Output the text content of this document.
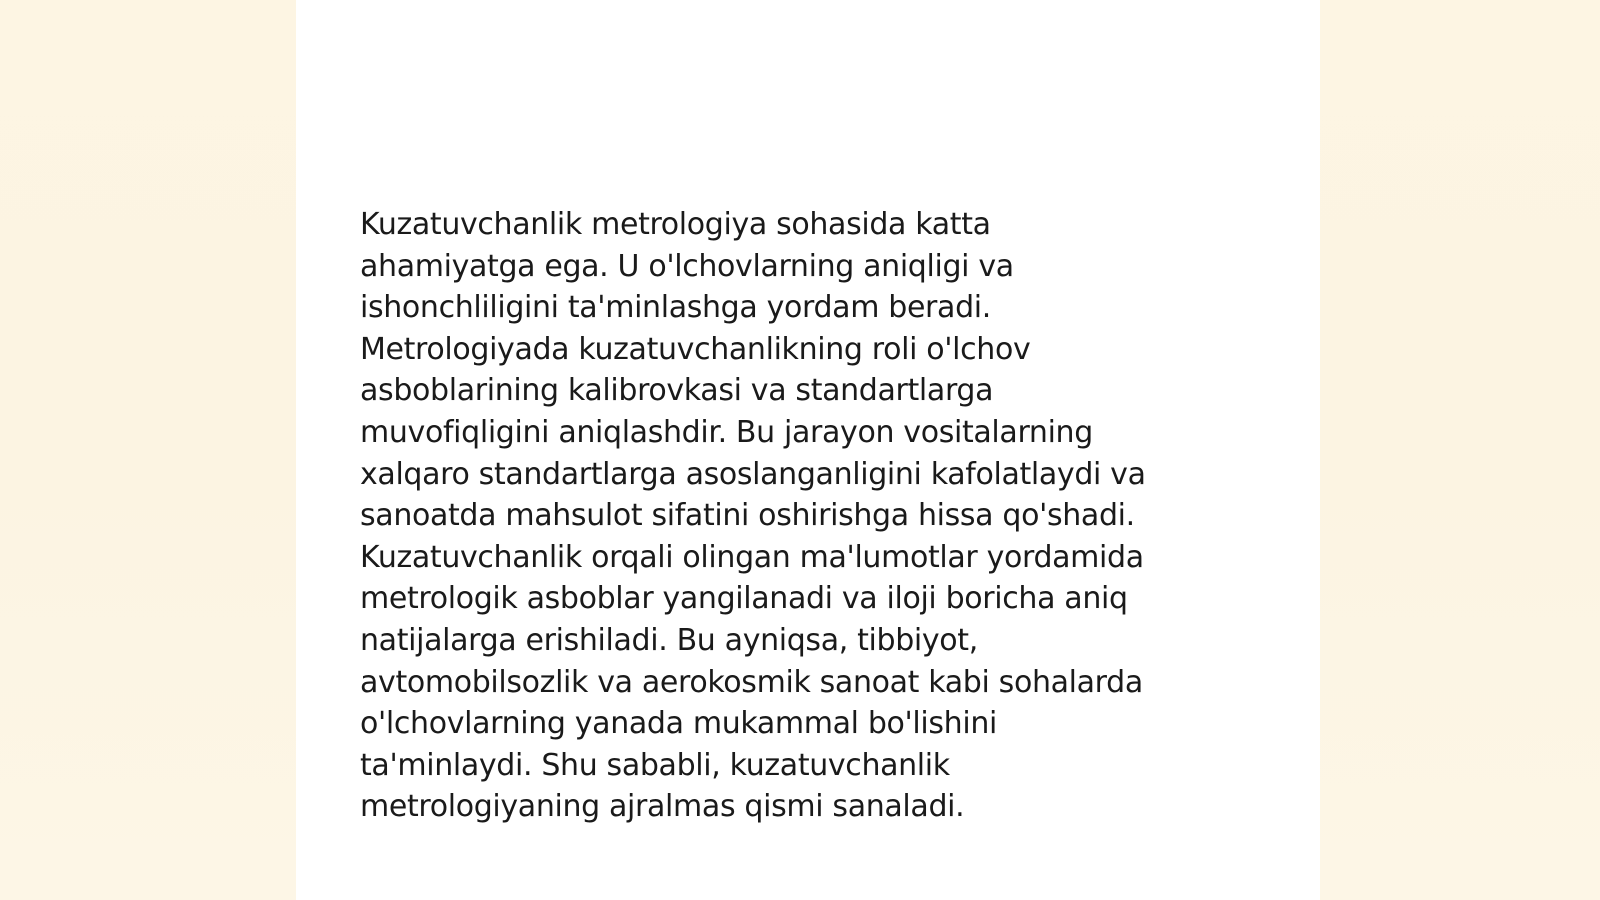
Kuzatuvchanlik metrologiya sohasida katta
ahamiyatga ega. U o'lchovlarning aniqligi va
ishonchliligini ta'minlashga yordam beradi.
Metrologiyada kuzatuvchanlikning roli o'lchov
asboblarining kalibrovkasi va standartlarga
muvofiqligini aniqlashdir. Bu jarayon vositalarning
xalqaro standartlarga asoslanganligini kafolatlaydi va
sanoatda mahsulot sifatini oshirishga hissa qo'shadi.
Kuzatuvchanlik orqali olingan ma'lumotlar yordamida
metrologik asboblar yangilanadi va iloji boricha aniq
natijalarga erishiladi. Bu ayniqsa, tibbiyot,
avtomobilsozlik va aerokosmik sanoat kabi sohalarda
o'lchovlarning yanada mukammal bo'lishini
ta'minlaydi. Shu sababli, kuzatuvchanlik
metrologiyaning ajralmas qismi sanaladi.
